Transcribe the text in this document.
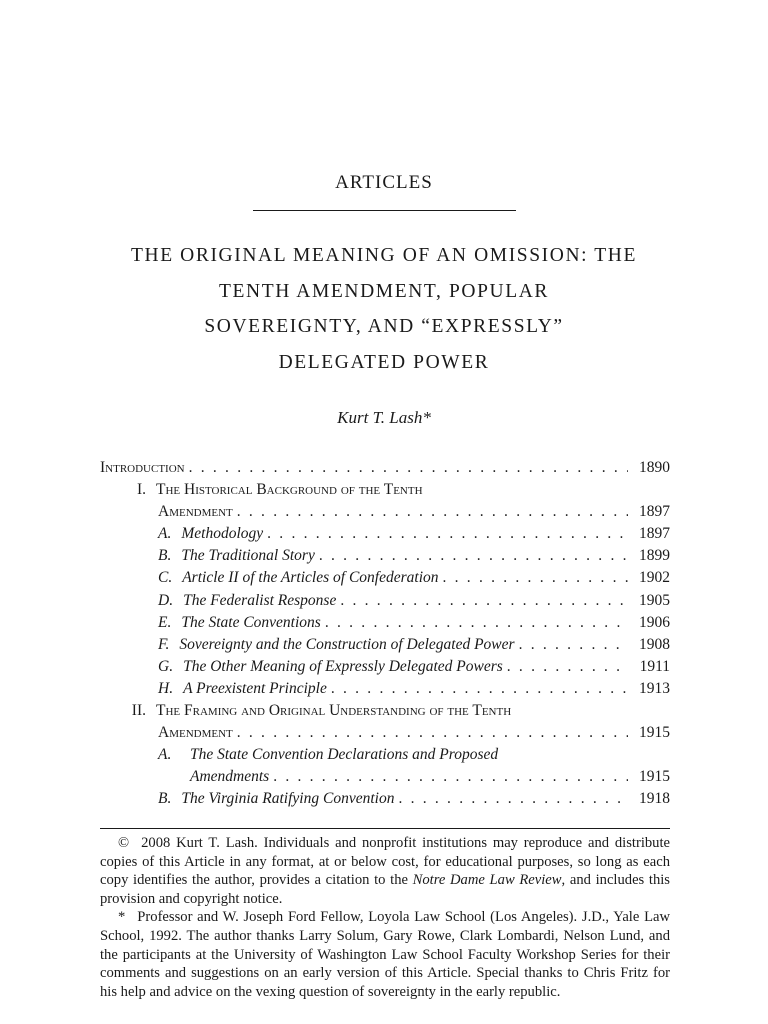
ARTICLES
THE ORIGINAL MEANING OF AN OMISSION: THE
TENTH AMENDMENT, POPULAR
SOVEREIGNTY, AND “EXPRESSLY”
DELEGATED POWER
Kurt T. Lash*
Introduction . . .	1890
I. The Historical Background of the Tenth
Amendment . . .	1897
A. Methodology . . .	1897
B. The Traditional Story . . .	1899
C. Article II of the Articles of Confederation . . .	1902
D. The Federalist Response . . .	1905
E. The State Conventions . . .	1906
F. Sovereignty and the Construction of Delegated Power . . .	1908
G. The Other Meaning of Expressly Delegated Powers . . .	1911
H. A Preexistent Principle . . .	1913
II. The Framing and Original Understanding of the Tenth
Amendment . . .	1915
A.	The State Convention Declarations and Proposed
Amendments . . .	1915
B. The Virginia Ratifying Convention . . .	1918
© 2008 Kurt T. Lash. Individuals and nonprofit institutions may reproduce and distribute copies of this Article in any format, at or below cost, for educational purposes, so long as each copy identifies the author, provides a citation to the Notre Dame Law Review, and includes this provision and copyright notice.
* Professor and W. Joseph Ford Fellow, Loyola Law School (Los Angeles). J.D., Yale Law School, 1992. The author thanks Larry Solum, Gary Rowe, Clark Lombardi, Nelson Lund, and the participants at the University of Washington Law School Faculty Workshop Series for their comments and suggestions on an early version of this Article. Special thanks to Chris Fritz for his help and advice on the vexing question of sovereignty in the early republic.
